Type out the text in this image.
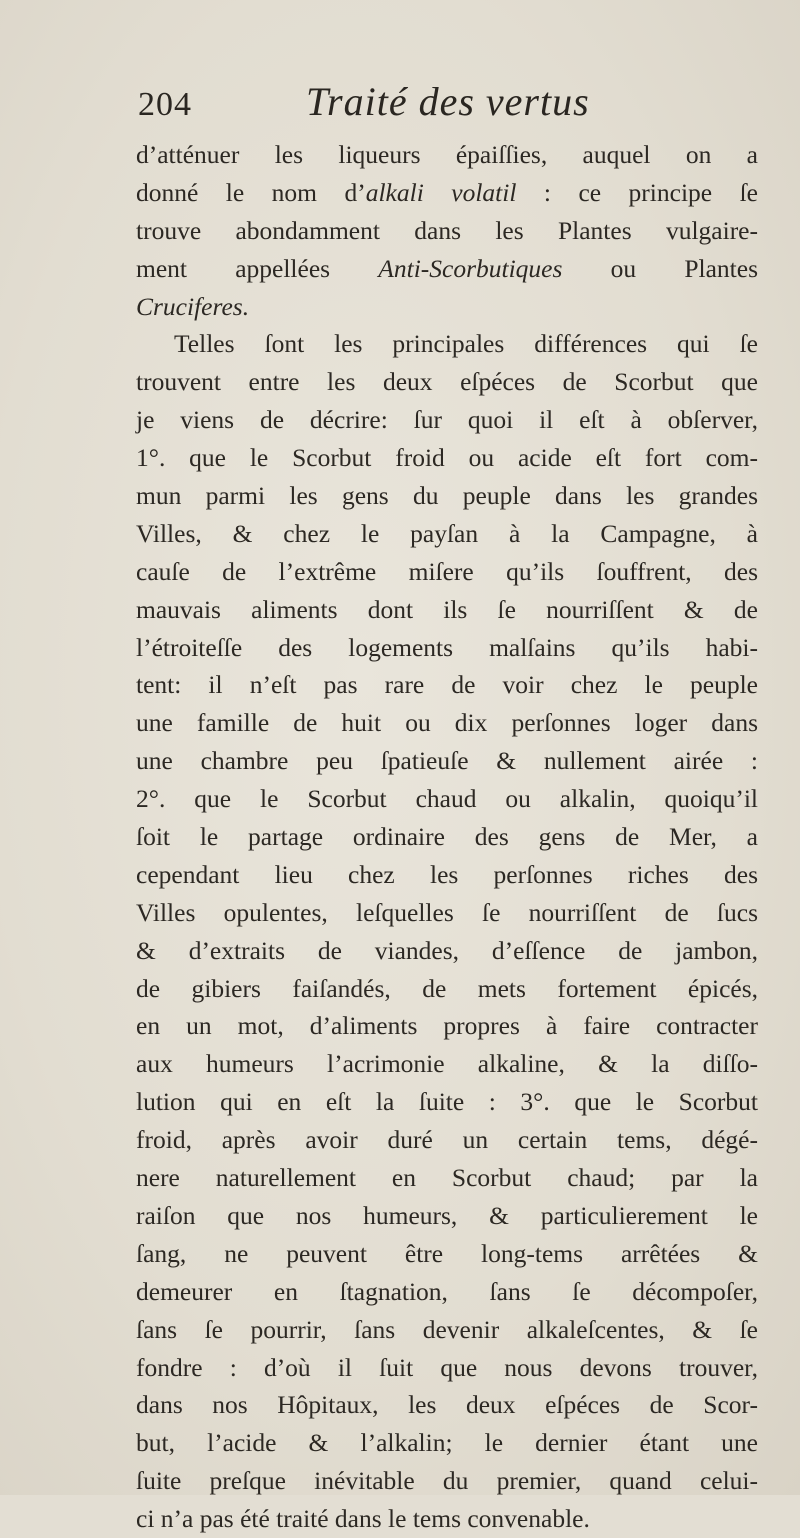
204	Traité des vertus
d’atténuer les liqueurs épaiſſies, auquel on a
donné le nom d’alkali volatil : ce principe ſe
trouve abondamment dans les Plantes vulgaire-
ment appellées Anti-Scorbutiques ou Plantes
Cruciferes.
Telles ſont les principales différences qui ſe
trouvent entre les deux eſpéces de Scorbut que
je viens de décrire: ſur quoi il eſt à obſerver,
1°. que le Scorbut froid ou acide eſt fort com-
mun parmi les gens du peuple dans les grandes
Villes, & chez le payſan à la Campagne, à
cauſe de l’extrême miſere qu’ils ſouffrent, des
mauvais aliments dont ils ſe nourriſſent & de
l’étroiteſſe des logements malſains qu’ils habi-
tent: il n’eſt pas rare de voir chez le peuple
une famille de huit ou dix perſonnes loger dans
une chambre peu ſpatieuſe & nullement airée :
2°. que le Scorbut chaud ou alkalin, quoiqu’il
ſoit le partage ordinaire des gens de Mer, a
cependant lieu chez les perſonnes riches des
Villes opulentes, leſquelles ſe nourriſſent de ſucs
& d’extraits de viandes, d’eſſence de jambon,
de gibiers faiſandés, de mets fortement épicés,
en un mot, d’aliments propres à faire contracter
aux humeurs l’acrimonie alkaline, & la diſſo-
lution qui en eſt la ſuite : 3°. que le Scorbut
froid, après avoir duré un certain tems, dégé-
nere naturellement en Scorbut chaud; par la
raiſon que nos humeurs, & particulierement le
ſang, ne peuvent être long-tems arrêtées &
demeurer en ſtagnation, ſans ſe décompoſer,
ſans ſe pourrir, ſans devenir alkaleſcentes, & ſe
fondre : d’où il ſuit que nous devons trouver,
dans nos Hôpitaux, les deux eſpéces de Scor-
but, l’acide & l’alkalin; le dernier étant une
ſuite preſque inévitable du premier, quand celui-
ci n’a pas été traité dans le tems convenable.
